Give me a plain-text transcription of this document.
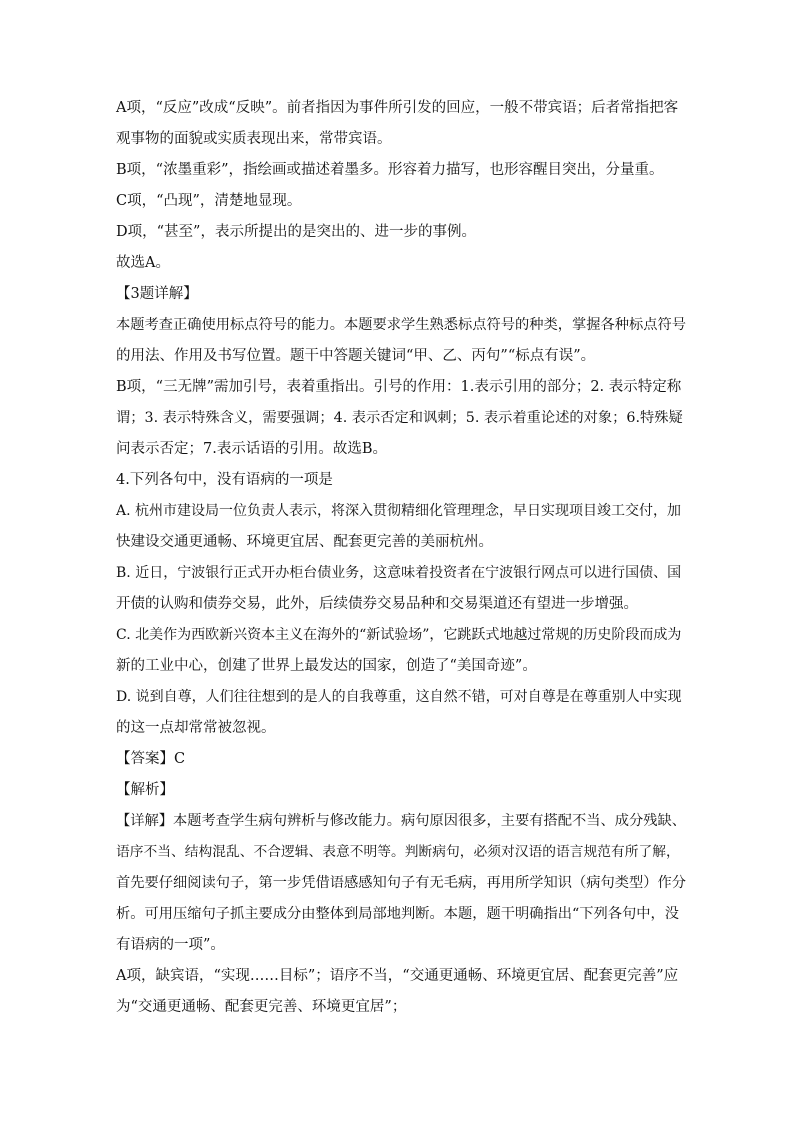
A项，“反应”改成“反映”。前者指因为事件所引发的回应，一般不带宾语；后者常指把客

观事物的面貌或实质表现出来，常带宾语。

B项，“浓墨重彩”，指绘画或描述着墨多。形容着力描写，也形容醒目突出，分量重。

C项，“凸现”，清楚地显现。

D项，“甚至”，表示所提出的是突出的、进一步的事例。

故选A。

【3题详解】

本题考查正确使用标点符号的能力。本题要求学生熟悉标点符号的种类，掌握各种标点符号

的用法、作用及书写位置。题干中答题关键词“甲、乙、丙句”“标点有误”。

B项，“三无牌”需加引号，表着重指出。引号的作用：1.表示引用的部分；2. 表示特定称

谓；3. 表示特殊含义，需要强调；4. 表示否定和讽刺；5. 表示着重论述的对象；6.特殊疑

问表示否定；7.表示话语的引用。故选B。

4.下列各句中，没有语病的一项是

A. 杭州市建设局一位负责人表示，将深入贯彻精细化管理理念，早日实现项目竣工交付，加

快建设交通更通畅、环境更宜居、配套更完善的美丽杭州。

B. 近日，宁波银行正式开办柜台债业务，这意味着投资者在宁波银行网点可以进行国债、国

开债的认购和债券交易，此外，后续债券交易品种和交易渠道还有望进一步增强。

C. 北美作为西欧新兴资本主义在海外的“新试验场”，它跳跃式地越过常规的历史阶段而成为

新的工业中心，创建了世界上最发达的国家，创造了“美国奇迹”。

D. 说到自尊，人们往往想到的是人的自我尊重，这自然不错，可对自尊是在尊重别人中实现

的这一点却常常被忽视。

【答案】C

【解析】

【详解】本题考查学生病句辨析与修改能力。病句原因很多，主要有搭配不当、成分残缺、

语序不当、结构混乱、不合逻辑、表意不明等。判断病句，必须对汉语的语言规范有所了解，

首先要仔细阅读句子，第一步凭借语感感知句子有无毛病，再用所学知识（病句类型）作分

析。可用压缩句子抓主要成分由整体到局部地判断。本题，题干明确指出“下列各句中，没

有语病的一项”。

A项，缺宾语，“实现……目标”；语序不当，“交通更通畅、环境更宜居、配套更完善”应

为“交通更通畅、配套更完善、环境更宜居”；
